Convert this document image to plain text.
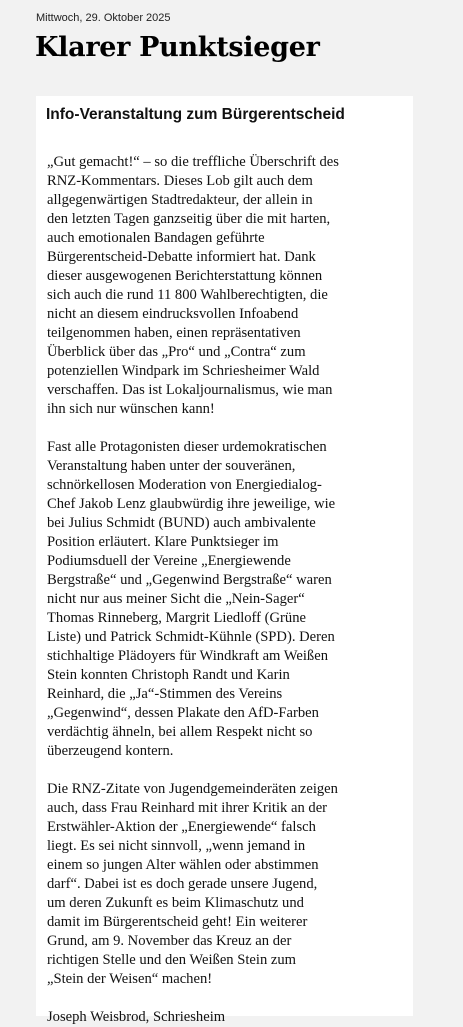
Mittwoch, 29. Oktober 2025
Klarer Punktsieger
Info-Veranstaltung zum Bürgerentscheid

„Gut gemacht!“ – so die treffliche Überschrift des
RNZ-Kommentars. Dieses Lob gilt auch dem
allgegenwärtigen Stadtredakteur, der allein in
den letzten Tagen ganzseitig über die mit harten,
auch emotionalen Bandagen geführte
Bürgerentscheid-Debatte informiert hat. Dank
dieser ausgewogenen Berichterstattung können
sich auch die rund 11 800 Wahlberechtigten, die
nicht an diesem eindrucksvollen Infoabend
teilgenommen haben, einen repräsentativen
Überblick über das „Pro“ und „Contra“ zum
potenziellen Windpark im Schriesheimer Wald
verschaffen. Das ist Lokaljournalismus, wie man
ihn sich nur wünschen kann!

Fast alle Protagonisten dieser urdemokratischen
Veranstaltung haben unter der souveränen,
schnörkellosen Moderation von Energiedialog-
Chef Jakob Lenz glaubwürdig ihre jeweilige, wie
bei Julius Schmidt (BUND) auch ambivalente
Position erläutert. Klare Punktsieger im
Podiumsduell der Vereine „Energiewende
Bergstraße“ und „Gegenwind Bergstraße“ waren
nicht nur aus meiner Sicht die „Nein-Sager“
Thomas Rinneberg, Margrit Liedloff (Grüne
Liste) und Patrick Schmidt-Kühnle (SPD). Deren
stichhaltige Plädoyers für Windkraft am Weißen
Stein konnten Christoph Randt und Karin
Reinhard, die „Ja“-Stimmen des Vereins
„Gegenwind“, dessen Plakate den AfD-Farben
verdächtig ähneln, bei allem Respekt nicht so
überzeugend kontern.

Die RNZ-Zitate von Jugendgemeinderäten zeigen
auch, dass Frau Reinhard mit ihrer Kritik an der
Erstwähler-Aktion der „Energiewende“ falsch
liegt. Es sei nicht sinnvoll, „wenn jemand in
einem so jungen Alter wählen oder abstimmen
darf“. Dabei ist es doch gerade unsere Jugend,
um deren Zukunft es beim Klimaschutz und
damit im Bürgerentscheid geht! Ein weiterer
Grund, am 9. November das Kreuz an der
richtigen Stelle und den Weißen Stein zum
„Stein der Weisen“ machen!

Joseph Weisbrod, Schriesheim
